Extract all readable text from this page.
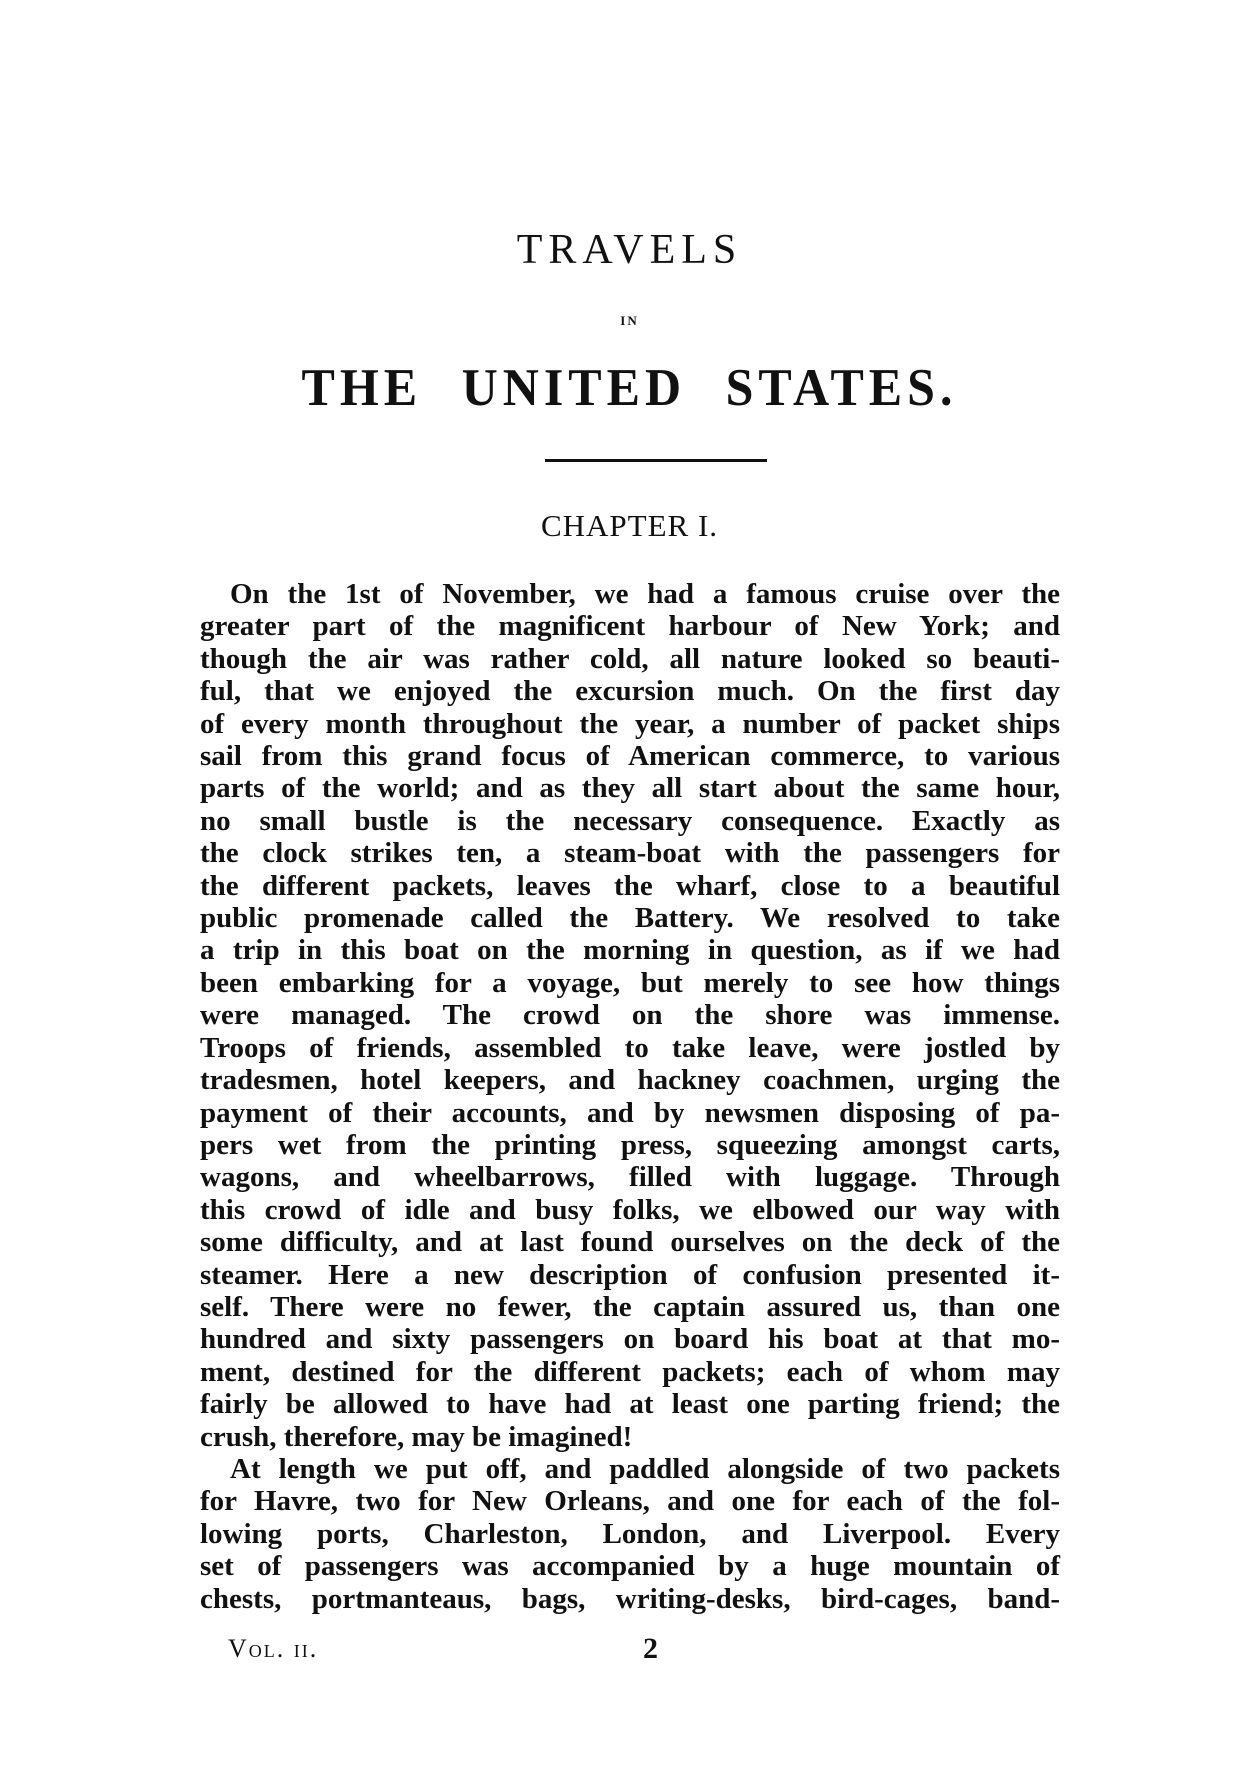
TRAVELS
IN
THE UNITED STATES.
CHAPTER I.
On the 1st of November, we had a famous cruise over the
greater part of the magnificent harbour of New York; and
though the air was rather cold, all nature looked so beauti-
ful, that we enjoyed the excursion much. On the first day
of every month throughout the year, a number of packet ships
sail from this grand focus of American commerce, to various
parts of the world; and as they all start about the same hour,
no small bustle is the necessary consequence. Exactly as
the clock strikes ten, a steam-boat with the passengers for
the different packets, leaves the wharf, close to a beautiful
public promenade called the Battery. We resolved to take
a trip in this boat on the morning in question, as if we had
been embarking for a voyage, but merely to see how things
were managed. The crowd on the shore was immense.
Troops of friends, assembled to take leave, were jostled by
tradesmen, hotel keepers, and hackney coachmen, urging the
payment of their accounts, and by newsmen disposing of pa-
pers wet from the printing press, squeezing amongst carts,
wagons, and wheelbarrows, filled with luggage. Through
this crowd of idle and busy folks, we elbowed our way with
some difficulty, and at last found ourselves on the deck of the
steamer. Here a new description of confusion presented it-
self. There were no fewer, the captain assured us, than one
hundred and sixty passengers on board his boat at that mo-
ment, destined for the different packets; each of whom may
fairly be allowed to have had at least one parting friend; the
crush, therefore, may be imagined!
At length we put off, and paddled alongside of two packets
for Havre, two for New Orleans, and one for each of the fol-
lowing ports, Charleston, London, and Liverpool. Every
set of passengers was accompanied by a huge mountain of
chests, portmanteaus, bags, writing-desks, bird-cages, band-
Vol. ii.	2
